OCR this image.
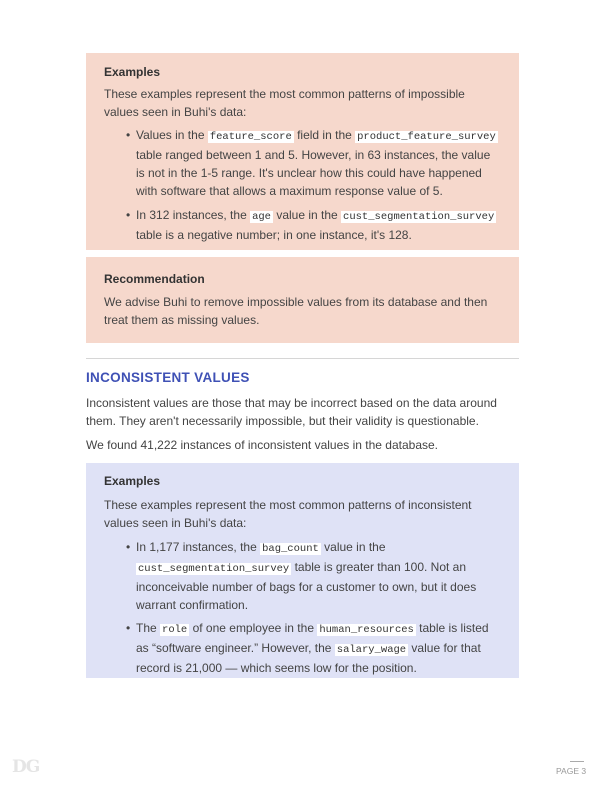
Examples

These examples represent the most common patterns of impossible values seen in Buhi's data:

• Values in the feature_score field in the product_feature_survey table ranged between 1 and 5. However, in 63 instances, the value is not in the 1-5 range. It's unclear how this could have happened with software that allows a maximum response value of 5.

• In 312 instances, the age value in the cust_segmentation_survey table is a negative number; in one instance, it's 128.

Recommendation

We advise Buhi to remove impossible values from its database and then treat them as missing values.

INCONSISTENT VALUES

Inconsistent values are those that may be incorrect based on the data around them. They aren't necessarily impossible, but their validity is questionable.

We found 41,222 instances of inconsistent values in the database.

Examples

These examples represent the most common patterns of inconsistent values seen in Buhi's data:

• In 1,177 instances, the bag_count value in the cust_segmentation_survey table is greater than 100. Not an inconceivable number of bags for a customer to own, but it does warrant confirmation.

• The role of one employee in the human_resources table is listed as “software engineer.” However, the salary_wage value for that record is 21,000 — which seems low for the position.

DG	PAGE 3
